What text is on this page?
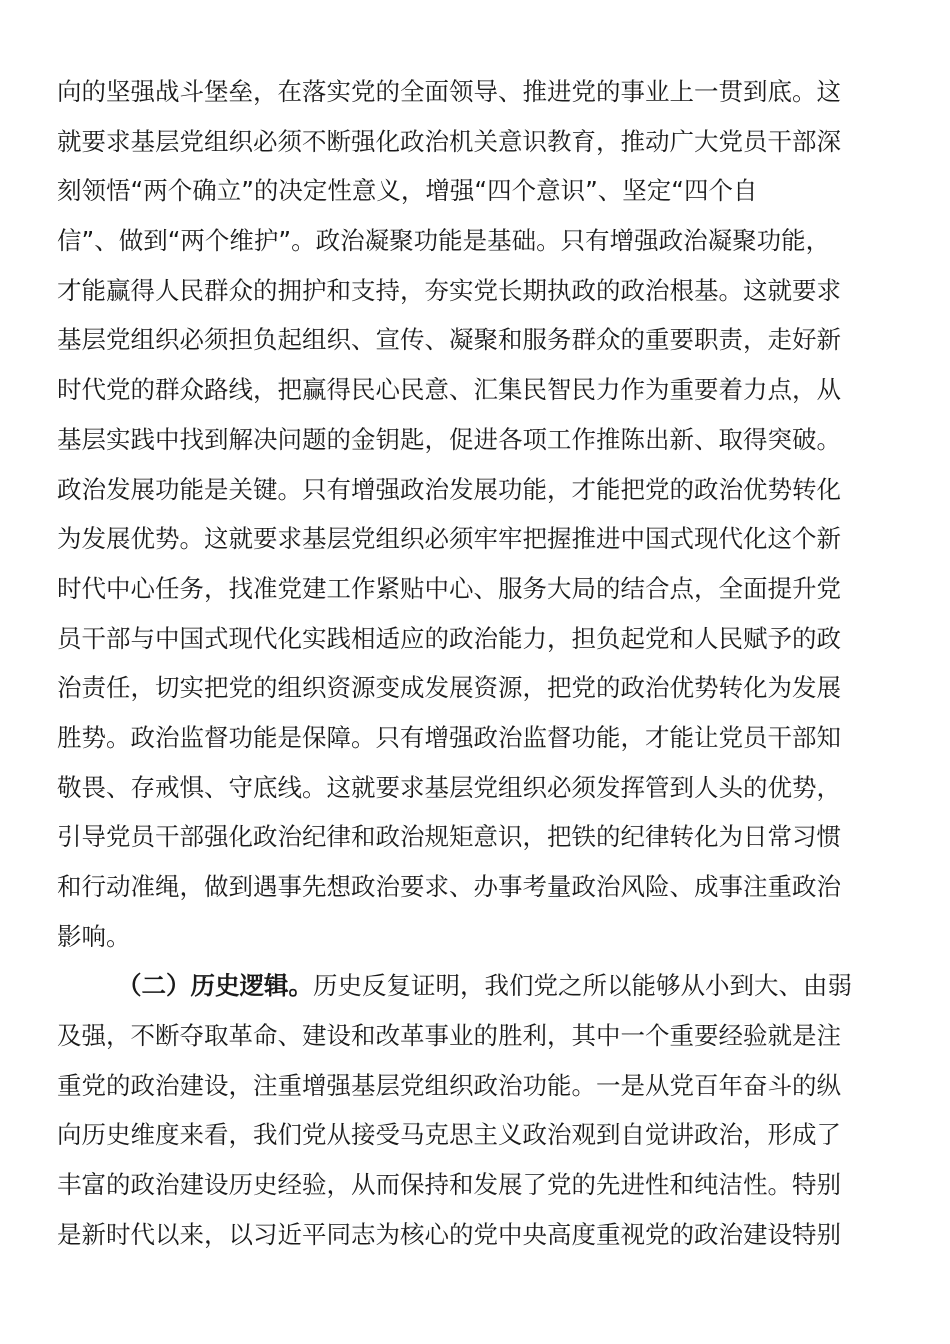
向的坚强战斗堡垒，在落实党的全面领导、推进党的事业上一贯到底。这
就要求基层党组织必须不断强化政治机关意识教育，推动广大党员干部深
刻领悟“两个确立”的决定性意义，增强“四个意识”、坚定“四个自
信”、做到“两个维护”。政治凝聚功能是基础。只有增强政治凝聚功能，
才能赢得人民群众的拥护和支持，夯实党长期执政的政治根基。这就要求
基层党组织必须担负起组织、宣传、凝聚和服务群众的重要职责，走好新
时代党的群众路线，把赢得民心民意、汇集民智民力作为重要着力点，从
基层实践中找到解决问题的金钥匙，促进各项工作推陈出新、取得突破。
政治发展功能是关键。只有增强政治发展功能，才能把党的政治优势转化
为发展优势。这就要求基层党组织必须牢牢把握推进中国式现代化这个新
时代中心任务，找准党建工作紧贴中心、服务大局的结合点，全面提升党
员干部与中国式现代化实践相适应的政治能力，担负起党和人民赋予的政
治责任，切实把党的组织资源变成发展资源，把党的政治优势转化为发展
胜势。政治监督功能是保障。只有增强政治监督功能，才能让党员干部知
敬畏、存戒惧、守底线。这就要求基层党组织必须发挥管到人头的优势，
引导党员干部强化政治纪律和政治规矩意识，把铁的纪律转化为日常习惯
和行动准绳，做到遇事先想政治要求、办事考量政治风险、成事注重政治
影响。
（二）历史逻辑。历史反复证明，我们党之所以能够从小到大、由弱
及强，不断夺取革命、建设和改革事业的胜利，其中一个重要经验就是注
重党的政治建设，注重增强基层党组织政治功能。一是从党百年奋斗的纵
向历史维度来看，我们党从接受马克思主义政治观到自觉讲政治，形成了
丰富的政治建设历史经验，从而保持和发展了党的先进性和纯洁性。特别
是新时代以来，以习近平同志为核心的党中央高度重视党的政治建设特别
